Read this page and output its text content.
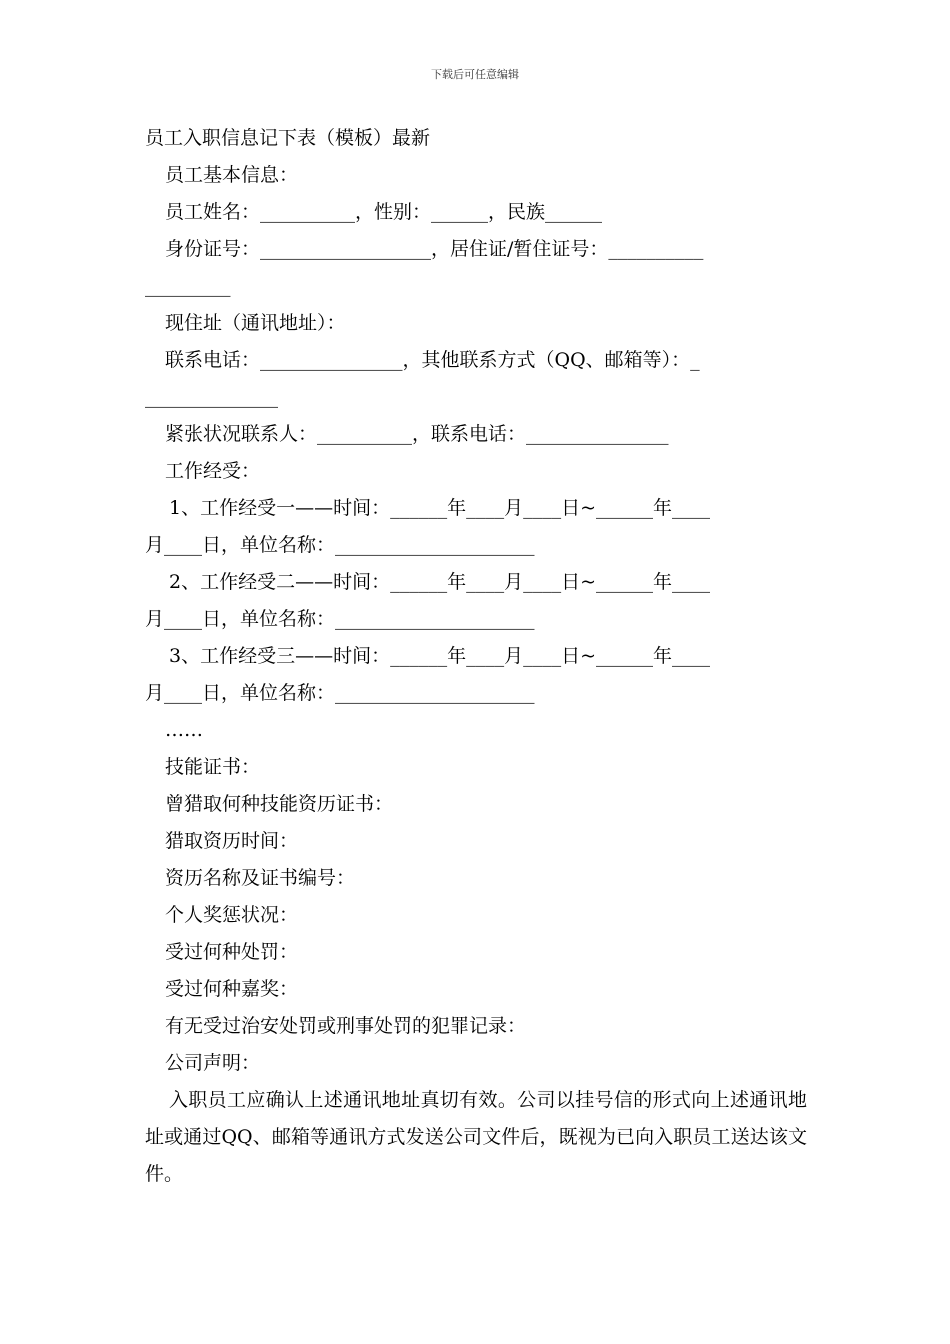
下载后可任意编辑
员工入职信息记下表（模板）最新
员工基本信息：
员工姓名：__________，性别：______，民族______
身份证号：__________________，居住证/暂住证号：__________
_________
现住址（通讯地址）：
联系电话：_______________，其他联系方式（QQ、邮箱等）：_
______________
紧张状况联系人：__________，联系电话：_______________
工作经受：
1、工作经受一——时间：______年____月____日~______年____
月____日，单位名称：_____________________
2、工作经受二——时间：______年____月____日~______年____
月____日，单位名称：_____________________
3、工作经受三——时间：______年____月____日~______年____
月____日，单位名称：_____________________
……
技能证书：
曾猎取何种技能资历证书：
猎取资历时间：
资历名称及证书编号：
个人奖惩状况：
受过何种处罚：
受过何种嘉奖：
有无受过治安处罚或刑事处罚的犯罪记录：
公司声明：
入职员工应确认上述通讯地址真切有效。公司以挂号信的形式向上述通讯地址或通过QQ、邮箱等通讯方式发送公司文件后，既视为已向入职员工送达该文件。
